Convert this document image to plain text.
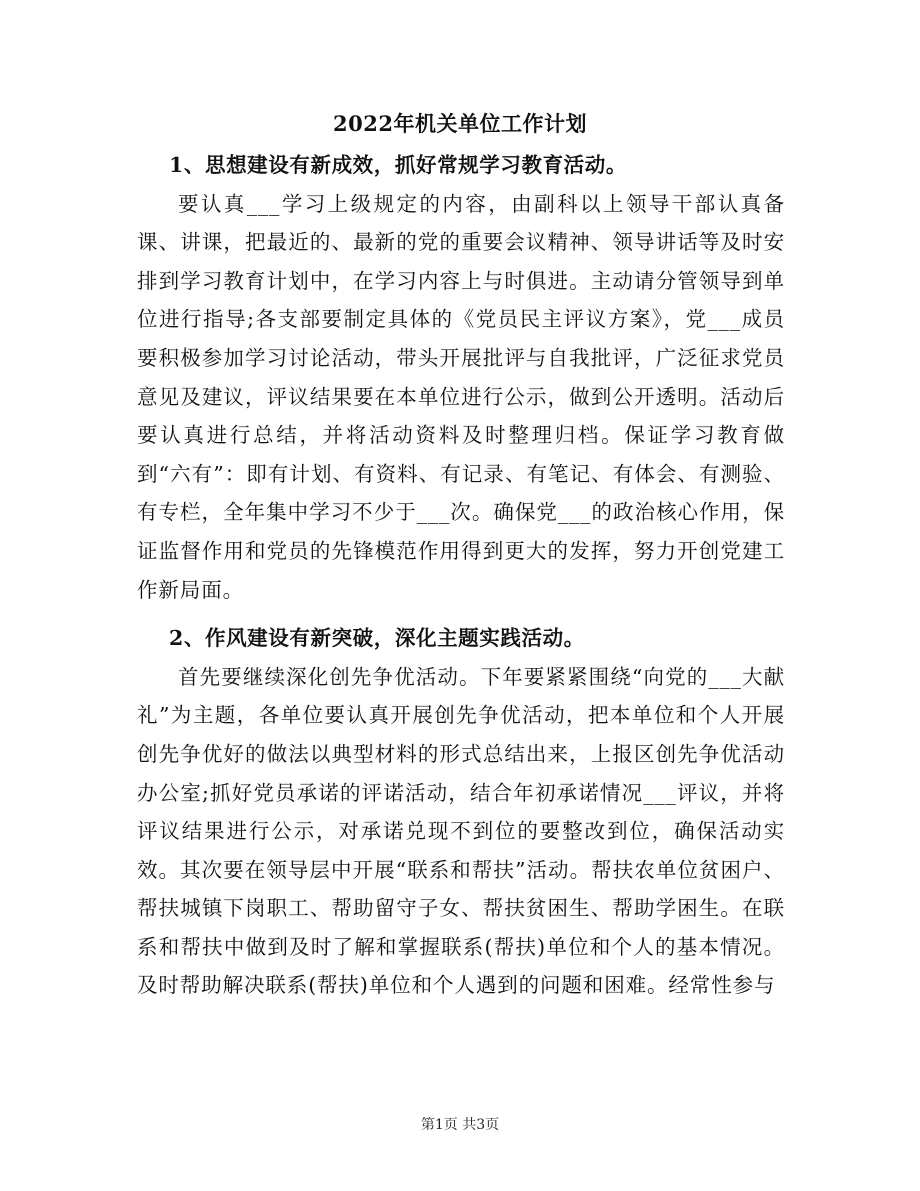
2022年机关单位工作计划

1、思想建设有新成效，抓好常规学习教育活动。

要认真___学习上级规定的内容，由副科以上领导干部认真备课、讲课，把最近的、最新的党的重要会议精神、领导讲话等及时安排到学习教育计划中，在学习内容上与时俱进。主动请分管领导到单位进行指导;各支部要制定具体的《党员民主评议方案》，党___成员要积极参加学习讨论活动，带头开展批评与自我批评，广泛征求党员意见及建议，评议结果要在本单位进行公示，做到公开透明。活动后要认真进行总结，并将活动资料及时整理归档。保证学习教育做到“六有”：即有计划、有资料、有记录、有笔记、有体会、有测验、有专栏，全年集中学习不少于___次。确保党___的政治核心作用，保证监督作用和党员的先锋模范作用得到更大的发挥，努力开创党建工作新局面。

2、作风建设有新突破，深化主题实践活动。

首先要继续深化创先争优活动。下年要紧紧围绕“向党的___大献礼”为主题，各单位要认真开展创先争优活动，把本单位和个人开展创先争优好的做法以典型材料的形式总结出来，上报区创先争优活动办公室;抓好党员承诺的评诺活动，结合年初承诺情况___评议，并将评议结果进行公示，对承诺兑现不到位的要整改到位，确保活动实效。其次要在领导层中开展“联系和帮扶”活动。帮扶农单位贫困户、帮扶城镇下岗职工、帮助留守子女、帮扶贫困生、帮助学困生。在联系和帮扶中做到及时了解和掌握联系(帮扶)单位和个人的基本情况。及时帮助解决联系(帮扶)单位和个人遇到的问题和困难。经常性参与

第1页 共3页
